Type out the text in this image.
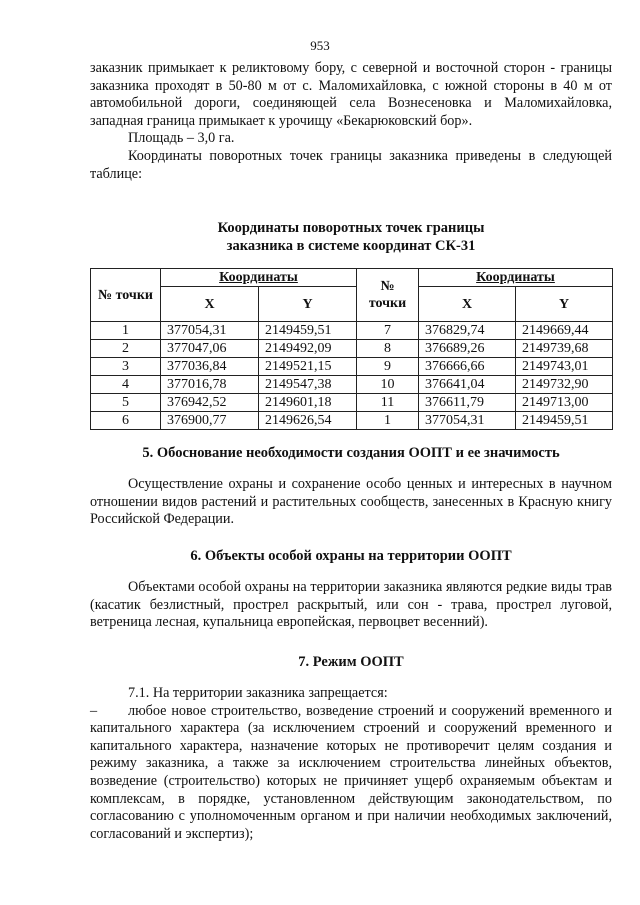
953

заказник примыкает к реликтовому бору, с северной и восточной сторон - границы заказника проходят в 50-80 м от с. Маломихайловка, с южной стороны в 40 м от автомобильной дороги, соединяющей села Вознесеновка и Маломихайловка, западная граница примыкает к урочищу «Бекарюковский бор».

Площадь – 3,0 га.

Координаты поворотных точек границы заказника приведены в следующей таблице:

Координаты поворотных точек границы
заказника в системе координат СК-31
№ точки	Координаты		№ точки	Координаты	
	X	Y		X	Y
1	377054,31	2149459,51	7	376829,74	2149669,44
2	377047,06	2149492,09	8	376689,26	2149739,68
3	377036,84	2149521,15	9	376666,66	2149743,01
4	377016,78	2149547,38	10	376641,04	2149732,90
5	376942,52	2149601,18	11	376611,79	2149713,00
6	376900,77	2149626,54	1	377054,31	2149459,51
5. Обоснование необходимости создания ООПТ и ее значимость

Осуществление охраны и сохранение особо ценных и интересных в научном отношении видов растений и растительных сообществ, занесенных в Красную книгу Российской Федерации.

6. Объекты особой охраны на территории ООПТ

Объектами особой охраны на территории заказника являются редкие виды трав (касатик безлистный, прострел раскрытый, или сон - трава, прострел луговой, ветреница лесная, купальница европейская, первоцвет весенний).

7. Режим ООПТ

7.1. На территории заказника запрещается:

– любое новое строительство, возведение строений и сооружений временного и капитального характера (за исключением строений и сооружений временного и капитального характера, назначение которых не противоречит целям создания и режиму заказника, а также за исключением строительства линейных объектов, возведение (строительство) которых не причиняет ущерб охраняемым объектам и комплексам, в порядке, установленном действующим законодательством, по согласованию с уполномоченным органом и при наличии необходимых заключений, согласований и экспертиз);
